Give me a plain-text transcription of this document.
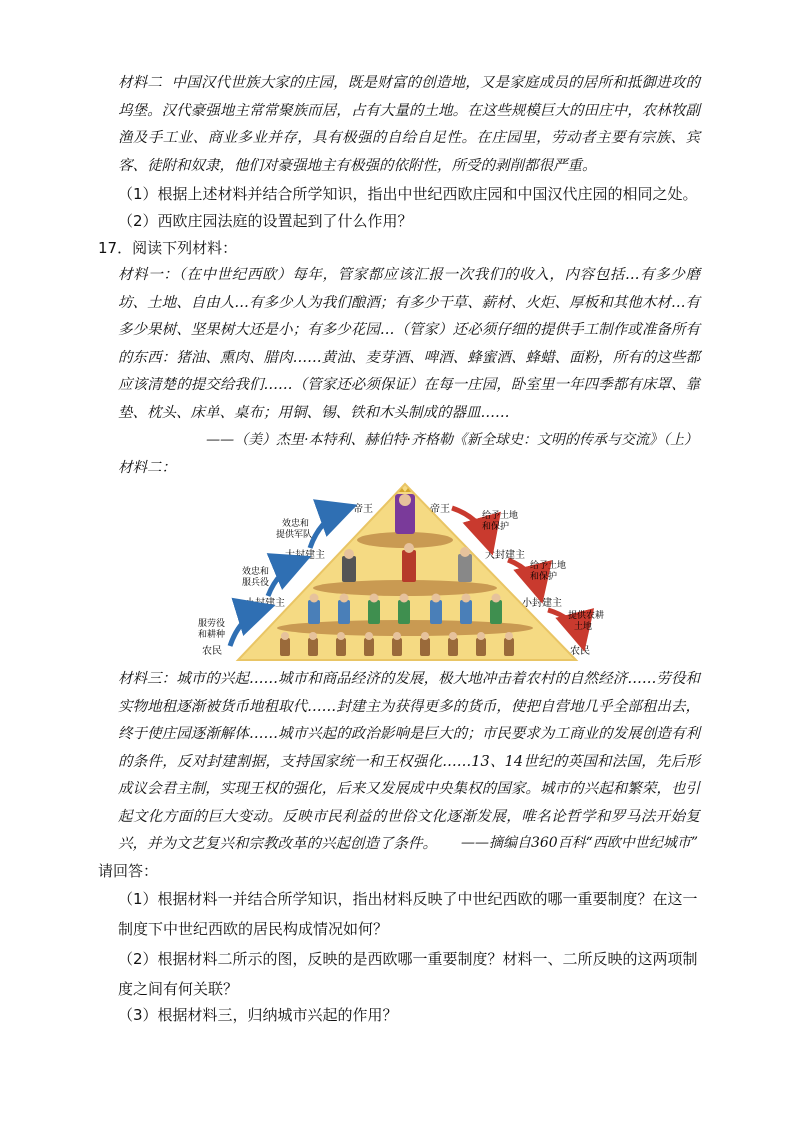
材料二 中国汉代世族大家的庄园，既是财富的创造地，又是家庭成员的居所和抵御进攻的坞堡。汉代豪强地主常常聚族而居，占有大量的土地。在这些规模巨大的田庄中，农林牧副渔及手工业、商业多业并存，具有极强的自给自足性。在庄园里，劳动者主要有宗族、宾客、徒附和奴隶，他们对豪强地主有极强的依附性，所受的剥削都很严重。

（1）根据上述材料并结合所学知识，指出中世纪西欧庄园和中国汉代庄园的相同之处。

（2）西欧庄园法庭的设置起到了什么作用？

17．阅读下列材料：

材料一：（在中世纪西欧）每年，管家都应该汇报一次我们的收入，内容包括…有多少磨坊、土地、自由人…有多少人为我们酿酒；有多少干草、薪材、火炬、厚板和其他木材…有多少果树、坚果树大还是小；有多少花园…（管家）还必须仔细的提供手工制作或准备所有的东西：猪油、熏肉、腊肉……黄油、麦芽酒、啤酒、蜂蜜酒、蜂蜡、面粉，所有的这些都应该清楚的提交给我们……（管家还必须保证）在每一庄园，卧室里一年四季都有床罩、靠垫、枕头、床单、桌布；用铜、锡、铁和木头制成的器皿……

——（美）杰里·本特利、赫伯特·齐格勒《新全球史：文明的传承与交流》（上）
材料二：
帝王
大封建主
小封建主
农民
帝王
大封建主
小封建主
农民
效忠和
提供军队
效忠和
服兵役
服劳役
和耕种
给予土地
和保护
给予土地
和保护
提供农耕
土地

材料三：城市的兴起……城市和商品经济的发展，极大地冲击着农村的自然经济……劳役和实物地租逐渐被货币地租取代……封建主为获得更多的货币，使把自营地几乎全部租出去，终于使庄园逐渐解体……城市兴起的政治影响是巨大的；市民要求为工商业的发展创造有利的条件，反对封建割据，支持国家统一和王权强化……13、14世纪的英国和法国，先后形成议会君主制，实现王权的强化，后来又发展成中央集权的国家。城市的兴起和繁荣，也引起文化方面的巨大变动。反映市民利益的世俗文化逐渐发展，唯名论哲学和罗马法开始复兴，并为文艺复兴和宗教改革的兴起创造了条件。	——摘编自360百科“西欧中世纪城市”

请回答：

（1）根据材料一并结合所学知识，指出材料反映了中世纪西欧的哪一重要制度？在这一制度下中世纪西欧的居民构成情况如何？

（2）根据材料二所示的图，反映的是西欧哪一重要制度？材料一、二所反映的这两项制度之间有何关联？

（3）根据材料三，归纳城市兴起的作用？
